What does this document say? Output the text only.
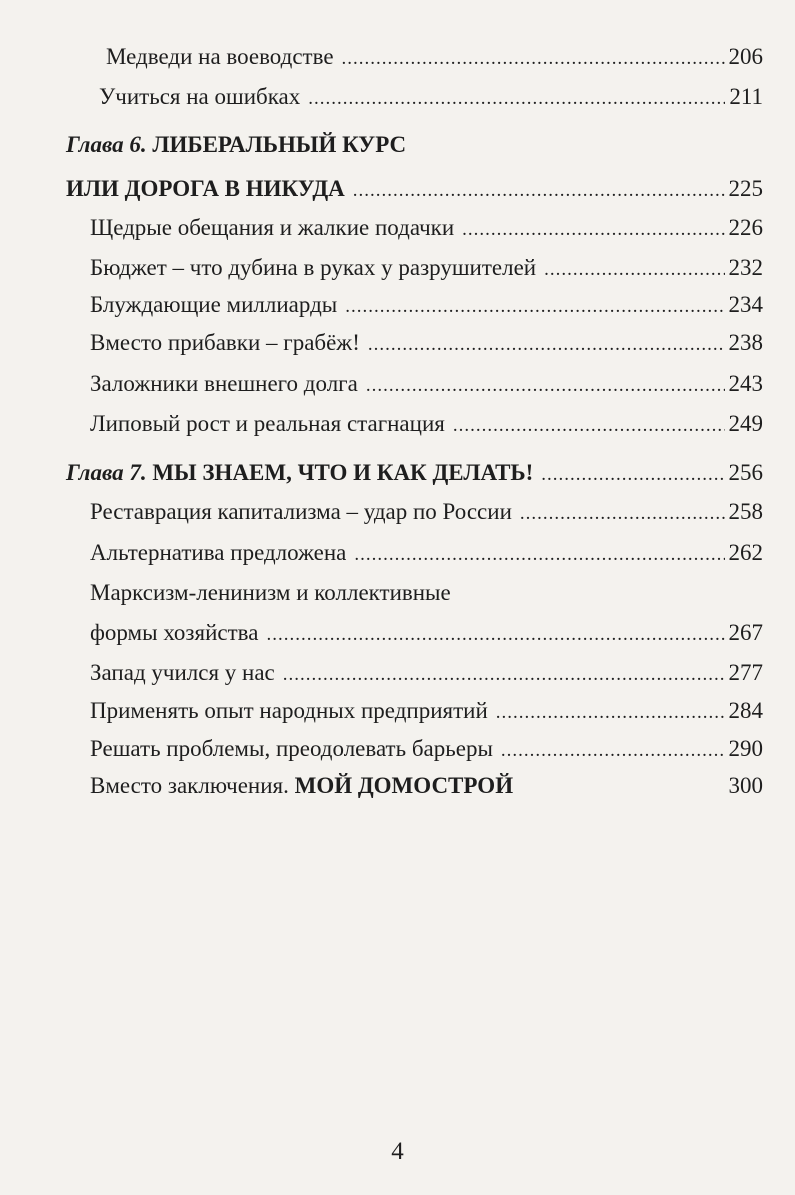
Медведи на воеводстве .....	206
Учиться на ошибках .....	211
Глава 6. ЛИБЕРАЛЬНЫЙ КУРС
ИЛИ ДОРОГА В НИКУДА .....	225
Щедрые обещания и жалкие подачки .....	226
Бюджет – что дубина в руках у разрушителей .....	232
Блуждающие миллиарды .....	234
Вместо прибавки – грабёж! .....	238
Заложники внешнего долга .....	243
Липовый рост и реальная стагнация .....	249
Глава 7. МЫ ЗНАЕМ, ЧТО И КАК ДЕЛАТЬ! .....	256
Реставрация капитализма – удар по России .....	258
Альтернатива предложена .....	262
Марксизм-ленинизм и коллективные
формы хозяйства .....	267
Запад учился у нас .....	277
Применять опыт народных предприятий .....	284
Решать проблемы, преодолевать барьеры .....	290
Вместо заключения. МОЙ ДОМОСТРОЙ	300
4
